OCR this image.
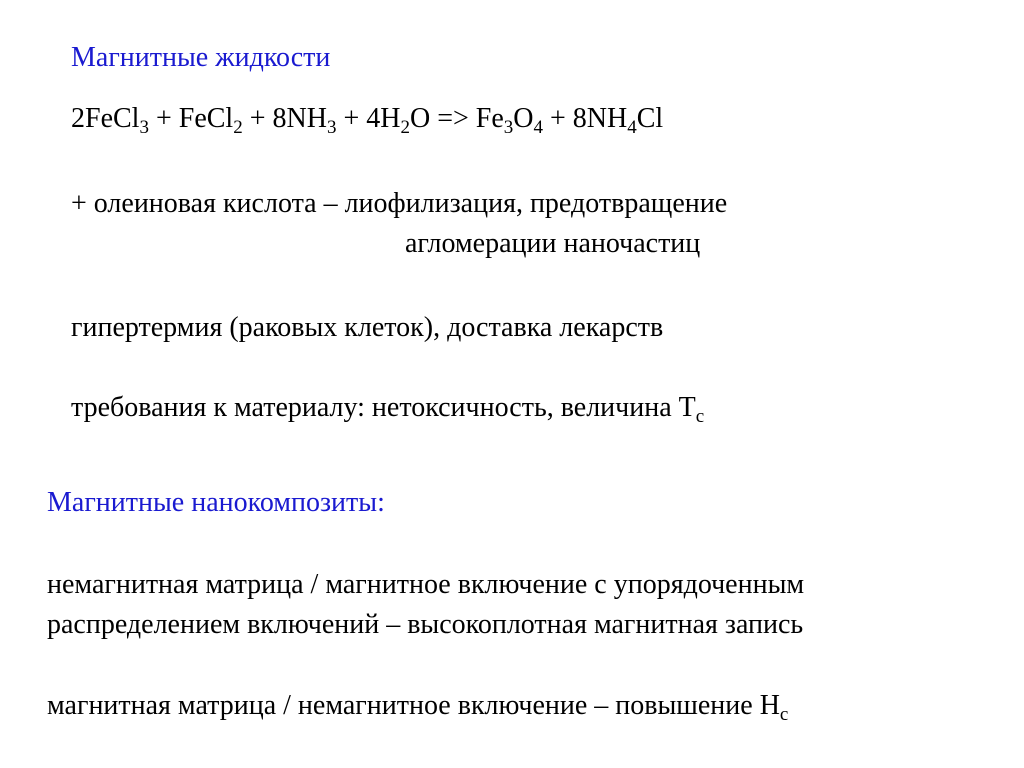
Магнитные жидкости

2FeCl$_3$ + FeCl$_2$ + $8NH_3 + 4H_2O => Fe_3O_4 + 8NH_4Cl$

+ олеиновая кислота – лиофилизация, предотвращение

агломерации наночастиц

гипертермия (раковых клеток), доставка лекарств

требования к материалу: нетоксичность, величина $T_c$

Магнитные нанокомпозиты:

немагнитная матрица / магнитное включение с упорядоченным

распределением включений – высокоплотная магнитная запись

магнитная матрица / немагнитное включение – повышение $H_c$
